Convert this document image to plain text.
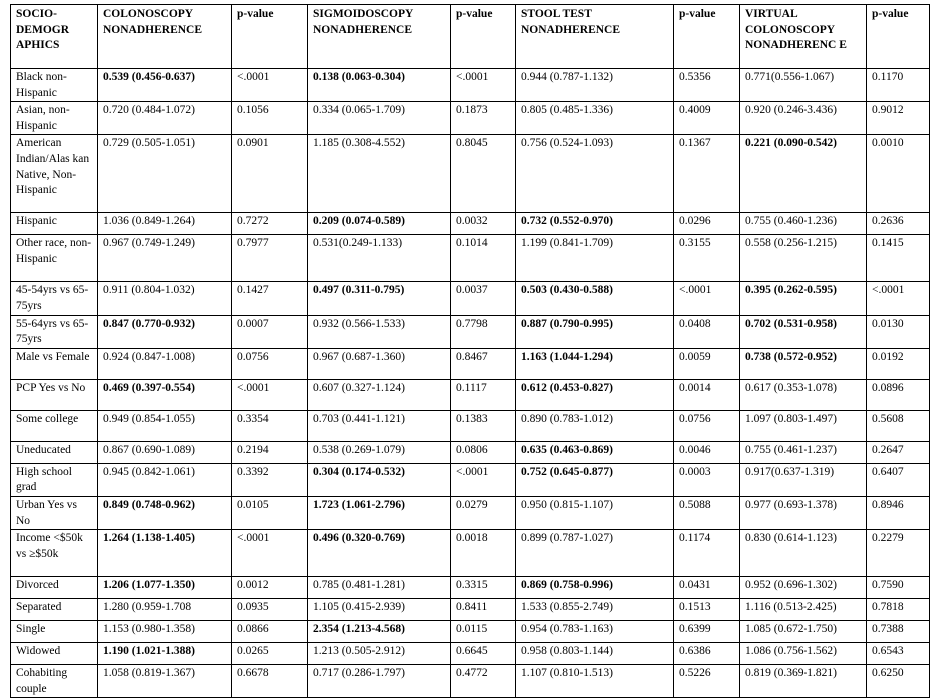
SOCIO-DEMOGR APHICS	COLONOSCOPY NONADHERENCE	p-value	SIGMOIDOSCOPY NONADHERENCE	p-value	STOOL TEST NONADHERENCE	p-value	VIRTUAL COLONOSCOPY NONADHERENC E	p-value
Black non-Hispanic	0.539 (0.456-0.637)	<.0001	0.138 (0.063-0.304)	<.0001	0.944 (0.787-1.132)	0.5356	0.771(0.556-1.067)	0.1170
Asian, non-Hispanic	0.720 (0.484-1.072)	0.1056	0.334 (0.065-1.709)	0.1873	0.805 (0.485-1.336)	0.4009	0.920 (0.246-3.436)	0.9012
American Indian/Alas kan Native, Non-Hispanic	0.729 (0.505-1.051)	0.0901	1.185 (0.308-4.552)	0.8045	0.756 (0.524-1.093)	0.1367	0.221 (0.090-0.542)	0.0010
Hispanic	1.036 (0.849-1.264)	0.7272	0.209 (0.074-0.589)	0.0032	0.732 (0.552-0.970)	0.0296	0.755 (0.460-1.236)	0.2636
Other race, non-Hispanic	0.967 (0.749-1.249)	0.7977	0.531(0.249-1.133)	0.1014	1.199 (0.841-1.709)	0.3155	0.558 (0.256-1.215)	0.1415
45-54yrs vs 65-75yrs	0.911 (0.804-1.032)	0.1427	0.497 (0.311-0.795)	0.0037	0.503 (0.430-0.588)	<.0001	0.395 (0.262-0.595)	<.0001
55-64yrs vs 65-75yrs	0.847 (0.770-0.932)	0.0007	0.932 (0.566-1.533)	0.7798	0.887 (0.790-0.995)	0.0408	0.702 (0.531-0.958)	0.0130
Male vs Female	0.924 (0.847-1.008)	0.0756	0.967 (0.687-1.360)	0.8467	1.163 (1.044-1.294)	0.0059	0.738 (0.572-0.952)	0.0192
PCP Yes vs No	0.469 (0.397-0.554)	<.0001	0.607 (0.327-1.124)	0.1117	0.612 (0.453-0.827)	0.0014	0.617 (0.353-1.078)	0.0896
Some college	0.949 (0.854-1.055)	0.3354	0.703 (0.441-1.121)	0.1383	0.890 (0.783-1.012)	0.0756	1.097 (0.803-1.497)	0.5608
Uneducated	0.867 (0.690-1.089)	0.2194	0.538 (0.269-1.079)	0.0806	0.635 (0.463-0.869)	0.0046	0.755 (0.461-1.237)	0.2647
High school grad	0.945 (0.842-1.061)	0.3392	0.304 (0.174-0.532)	<.0001	0.752 (0.645-0.877)	0.0003	0.917(0.637-1.319)	0.6407
Urban Yes vs No	0.849 (0.748-0.962)	0.0105	1.723 (1.061-2.796)	0.0279	0.950 (0.815-1.107)	0.5088	0.977 (0.693-1.378)	0.8946
Income <$50k vs ≥$50k	1.264 (1.138-1.405)	<.0001	0.496 (0.320-0.769)	0.0018	0.899 (0.787-1.027)	0.1174	0.830 (0.614-1.123)	0.2279
Divorced	1.206 (1.077-1.350)	0.0012	0.785 (0.481-1.281)	0.3315	0.869 (0.758-0.996)	0.0431	0.952 (0.696-1.302)	0.7590
Separated	1.280 (0.959-1.708	0.0935	1.105 (0.415-2.939)	0.8411	1.533 (0.855-2.749)	0.1513	1.116 (0.513-2.425)	0.7818
Single	1.153 (0.980-1.358)	0.0866	2.354 (1.213-4.568)	0.0115	0.954 (0.783-1.163)	0.6399	1.085 (0.672-1.750)	0.7388
Widowed	1.190 (1.021-1.388)	0.0265	1.213 (0.505-2.912)	0.6645	0.958 (0.803-1.144)	0.6386	1.086 (0.756-1.562)	0.6543
Cohabiting couple	1.058 (0.819-1.367)	0.6678	0.717 (0.286-1.797)	0.4772	1.107 (0.810-1.513)	0.5226	0.819 (0.369-1.821)	0.6250
